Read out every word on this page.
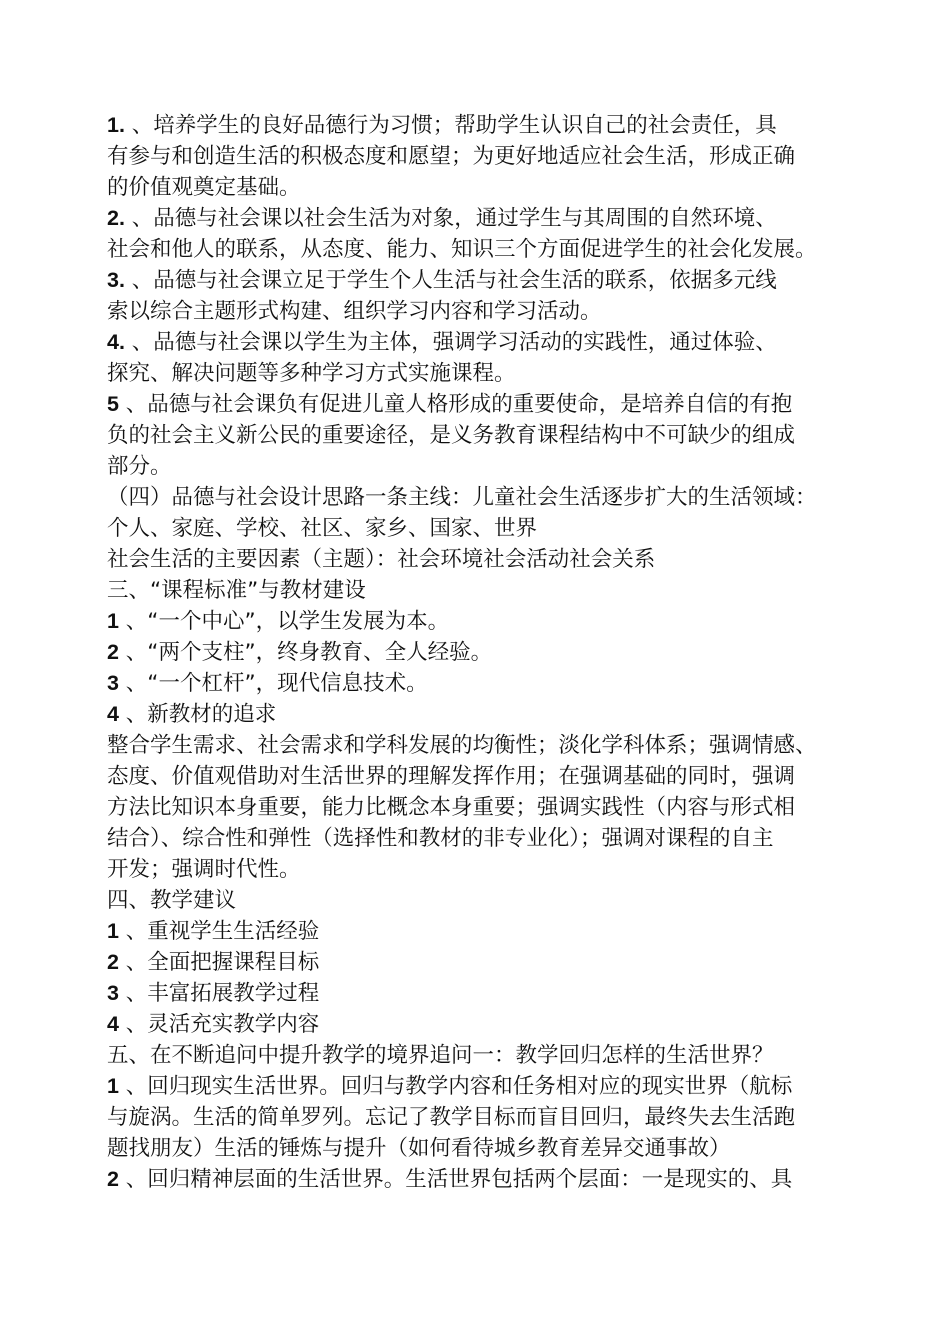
1. 、培养学生的良好品德行为习惯；帮助学生认识自己的社会责任，具
有参与和创造生活的积极态度和愿望；为更好地适应社会生活，形成正确
的价值观奠定基础。
2. 、品德与社会课以社会生活为对象，通过学生与其周围的自然环境、
社会和他人的联系，从态度、能力、知识三个方面促进学生的社会化发展。
3. 、品德与社会课立足于学生个人生活与社会生活的联系，依据多元线
索以综合主题形式构建、组织学习内容和学习活动。
4. 、品德与社会课以学生为主体，强调学习活动的实践性，通过体验、
探究、解决问题等多种学习方式实施课程。
5 、品德与社会课负有促进儿童人格形成的重要使命，是培养自信的有抱
负的社会主义新公民的重要途径，是义务教育课程结构中不可缺少的组成
部分。
（四）品德与社会设计思路一条主线：儿童社会生活逐步扩大的生活领域：
个人、家庭、学校、社区、家乡、国家、世界
社会生活的主要因素（主题）：社会环境社会活动社会关系
三、“课程标准”与教材建设
1 、“一个中心”，以学生发展为本。
2 、“两个支柱”，终身教育、全人经验。
3 、“一个杠杆”，现代信息技术。
4 、新教材的追求
整合学生需求、社会需求和学科发展的均衡性；淡化学科体系；强调情感、
态度、价值观借助对生活世界的理解发挥作用；在强调基础的同时，强调
方法比知识本身重要，能力比概念本身重要；强调实践性（内容与形式相
结合）、综合性和弹性（选择性和教材的非专业化）；强调对课程的自主
开发；强调时代性。
四、教学建议
1 、重视学生生活经验
2 、全面把握课程目标
3 、丰富拓展教学过程
4 、灵活充实教学内容
五、在不断追问中提升教学的境界追问一：教学回归怎样的生活世界？
1 、回归现实生活世界。回归与教学内容和任务相对应的现实世界（航标
与旋涡。生活的简单罗列。忘记了教学目标而盲目回归，最终失去生活跑
题找朋友）生活的锤炼与提升（如何看待城乡教育差异交通事故）
2 、回归精神层面的生活世界。生活世界包括两个层面：一是现实的、具
